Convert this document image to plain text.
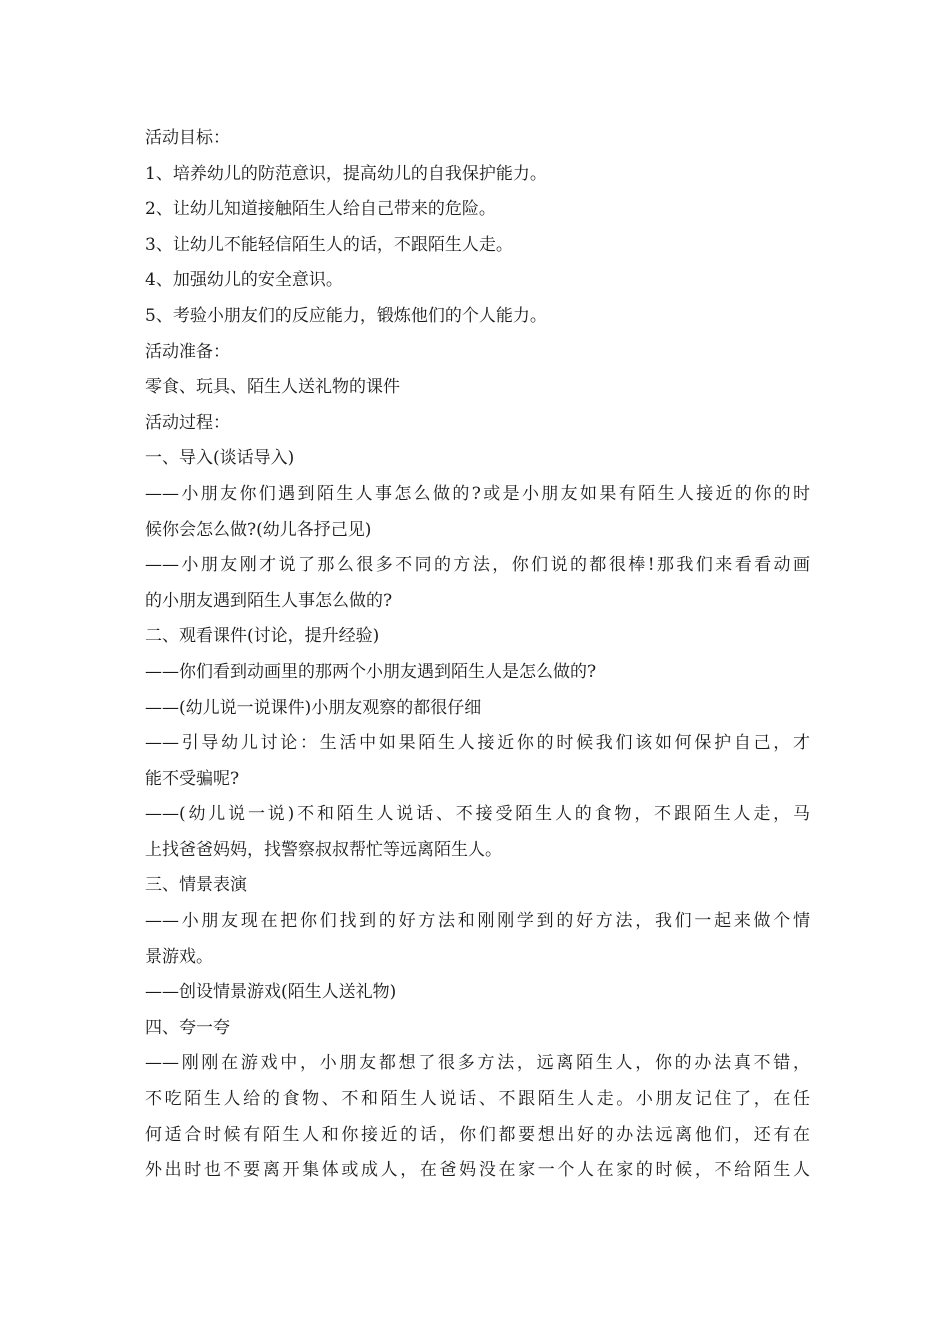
活动目标：
1、培养幼儿的防范意识，提高幼儿的自我保护能力。
2、让幼儿知道接触陌生人给自己带来的危险。
3、让幼儿不能轻信陌生人的话，不跟陌生人走。
4、加强幼儿的安全意识。
5、考验小朋友们的反应能力，锻炼他们的个人能力。
活动准备：
零食、玩具、陌生人送礼物的课件
活动过程：
一、导入(谈话导入)
——小朋友你们遇到陌生人事怎么做的?或是小朋友如果有陌生人接近的你的时
候你会怎么做?(幼儿各抒己见)
——小朋友刚才说了那么很多不同的方法，你们说的都很棒!那我们来看看动画
的小朋友遇到陌生人事怎么做的?
二、观看课件(讨论，提升经验)
——你们看到动画里的那两个小朋友遇到陌生人是怎么做的?
——(幼儿说一说课件)小朋友观察的都很仔细
——引导幼儿讨论：生活中如果陌生人接近你的时候我们该如何保护自己，才
能不受骗呢?
——(幼儿说一说)不和陌生人说话、不接受陌生人的食物，不跟陌生人走，马
上找爸爸妈妈，找警察叔叔帮忙等远离陌生人。
三、情景表演
——小朋友现在把你们找到的好方法和刚刚学到的好方法，我们一起来做个情
景游戏。
——创设情景游戏(陌生人送礼物)
四、夸一夸
——刚刚在游戏中，小朋友都想了很多方法，远离陌生人，你的办法真不错，
不吃陌生人给的食物、不和陌生人说话、不跟陌生人走。小朋友记住了，在任
何适合时候有陌生人和你接近的话，你们都要想出好的办法远离他们，还有在
外出时也不要离开集体或成人，在爸妈没在家一个人在家的时候，不给陌生人
